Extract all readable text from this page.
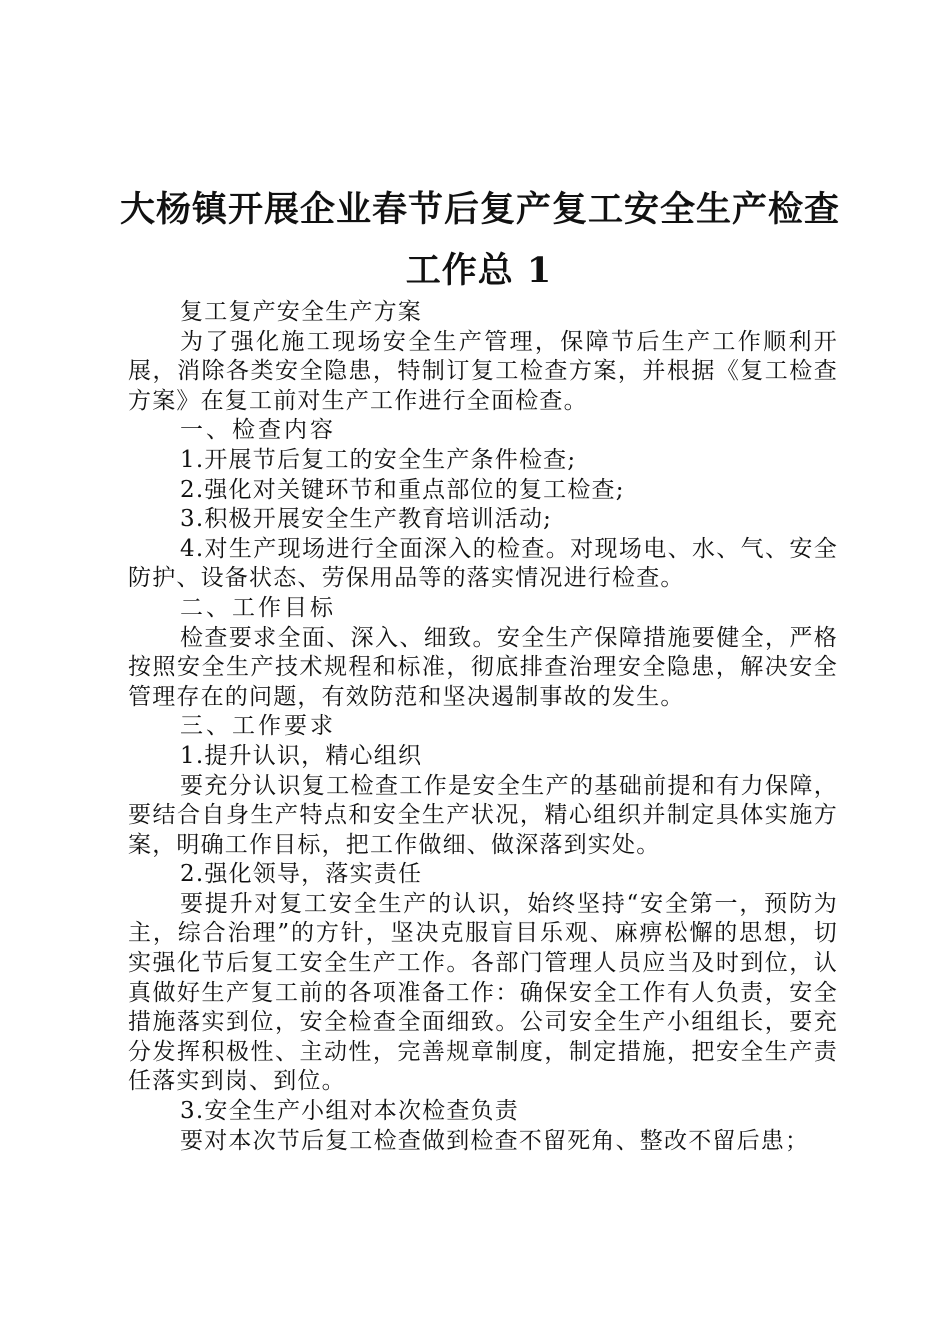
大杨镇开展企业春节后复产复工安全生产检查
工作总 1

复工复产安全生产方案

为了强化施工现场安全生产管理，保障节后生产工作顺利开展，消除各类安全隐患，特制订复工检查方案，并根据《复工检查方案》在复工前对生产工作进行全面检查。

一、检查内容

1.开展节后复工的安全生产条件检查;

2.强化对关键环节和重点部位的复工检查;

3.积极开展安全生产教育培训活动;

4.对生产现场进行全面深入的检查。对现场电、水、气、安全防护、设备状态、劳保用品等的落实情况进行检查。

二、工作目标

检查要求全面、深入、细致。安全生产保障措施要健全，严格按照安全生产技术规程和标准，彻底排查治理安全隐患，解决安全管理存在的问题，有效防范和坚决遏制事故的发生。

三、工作要求

1.提升认识，精心组织

要充分认识复工检查工作是安全生产的基础前提和有力保障，要结合自身生产特点和安全生产状况，精心组织并制定具体实施方案，明确工作目标，把工作做细、做深落到实处。

2.强化领导，落实责任

要提升对复工安全生产的认识，始终坚持“安全第一，预防为主，综合治理”的方针，坚决克服盲目乐观、麻痹松懈的思想，切实强化节后复工安全生产工作。各部门管理人员应当及时到位，认真做好生产复工前的各项准备工作：确保安全工作有人负责，安全措施落实到位，安全检查全面细致。公司安全生产小组组长，要充分发挥积极性、主动性，完善规章制度，制定措施，把安全生产责任落实到岗、到位。

3.安全生产小组对本次检查负责

要对本次节后复工检查做到检查不留死角、整改不留后患；
